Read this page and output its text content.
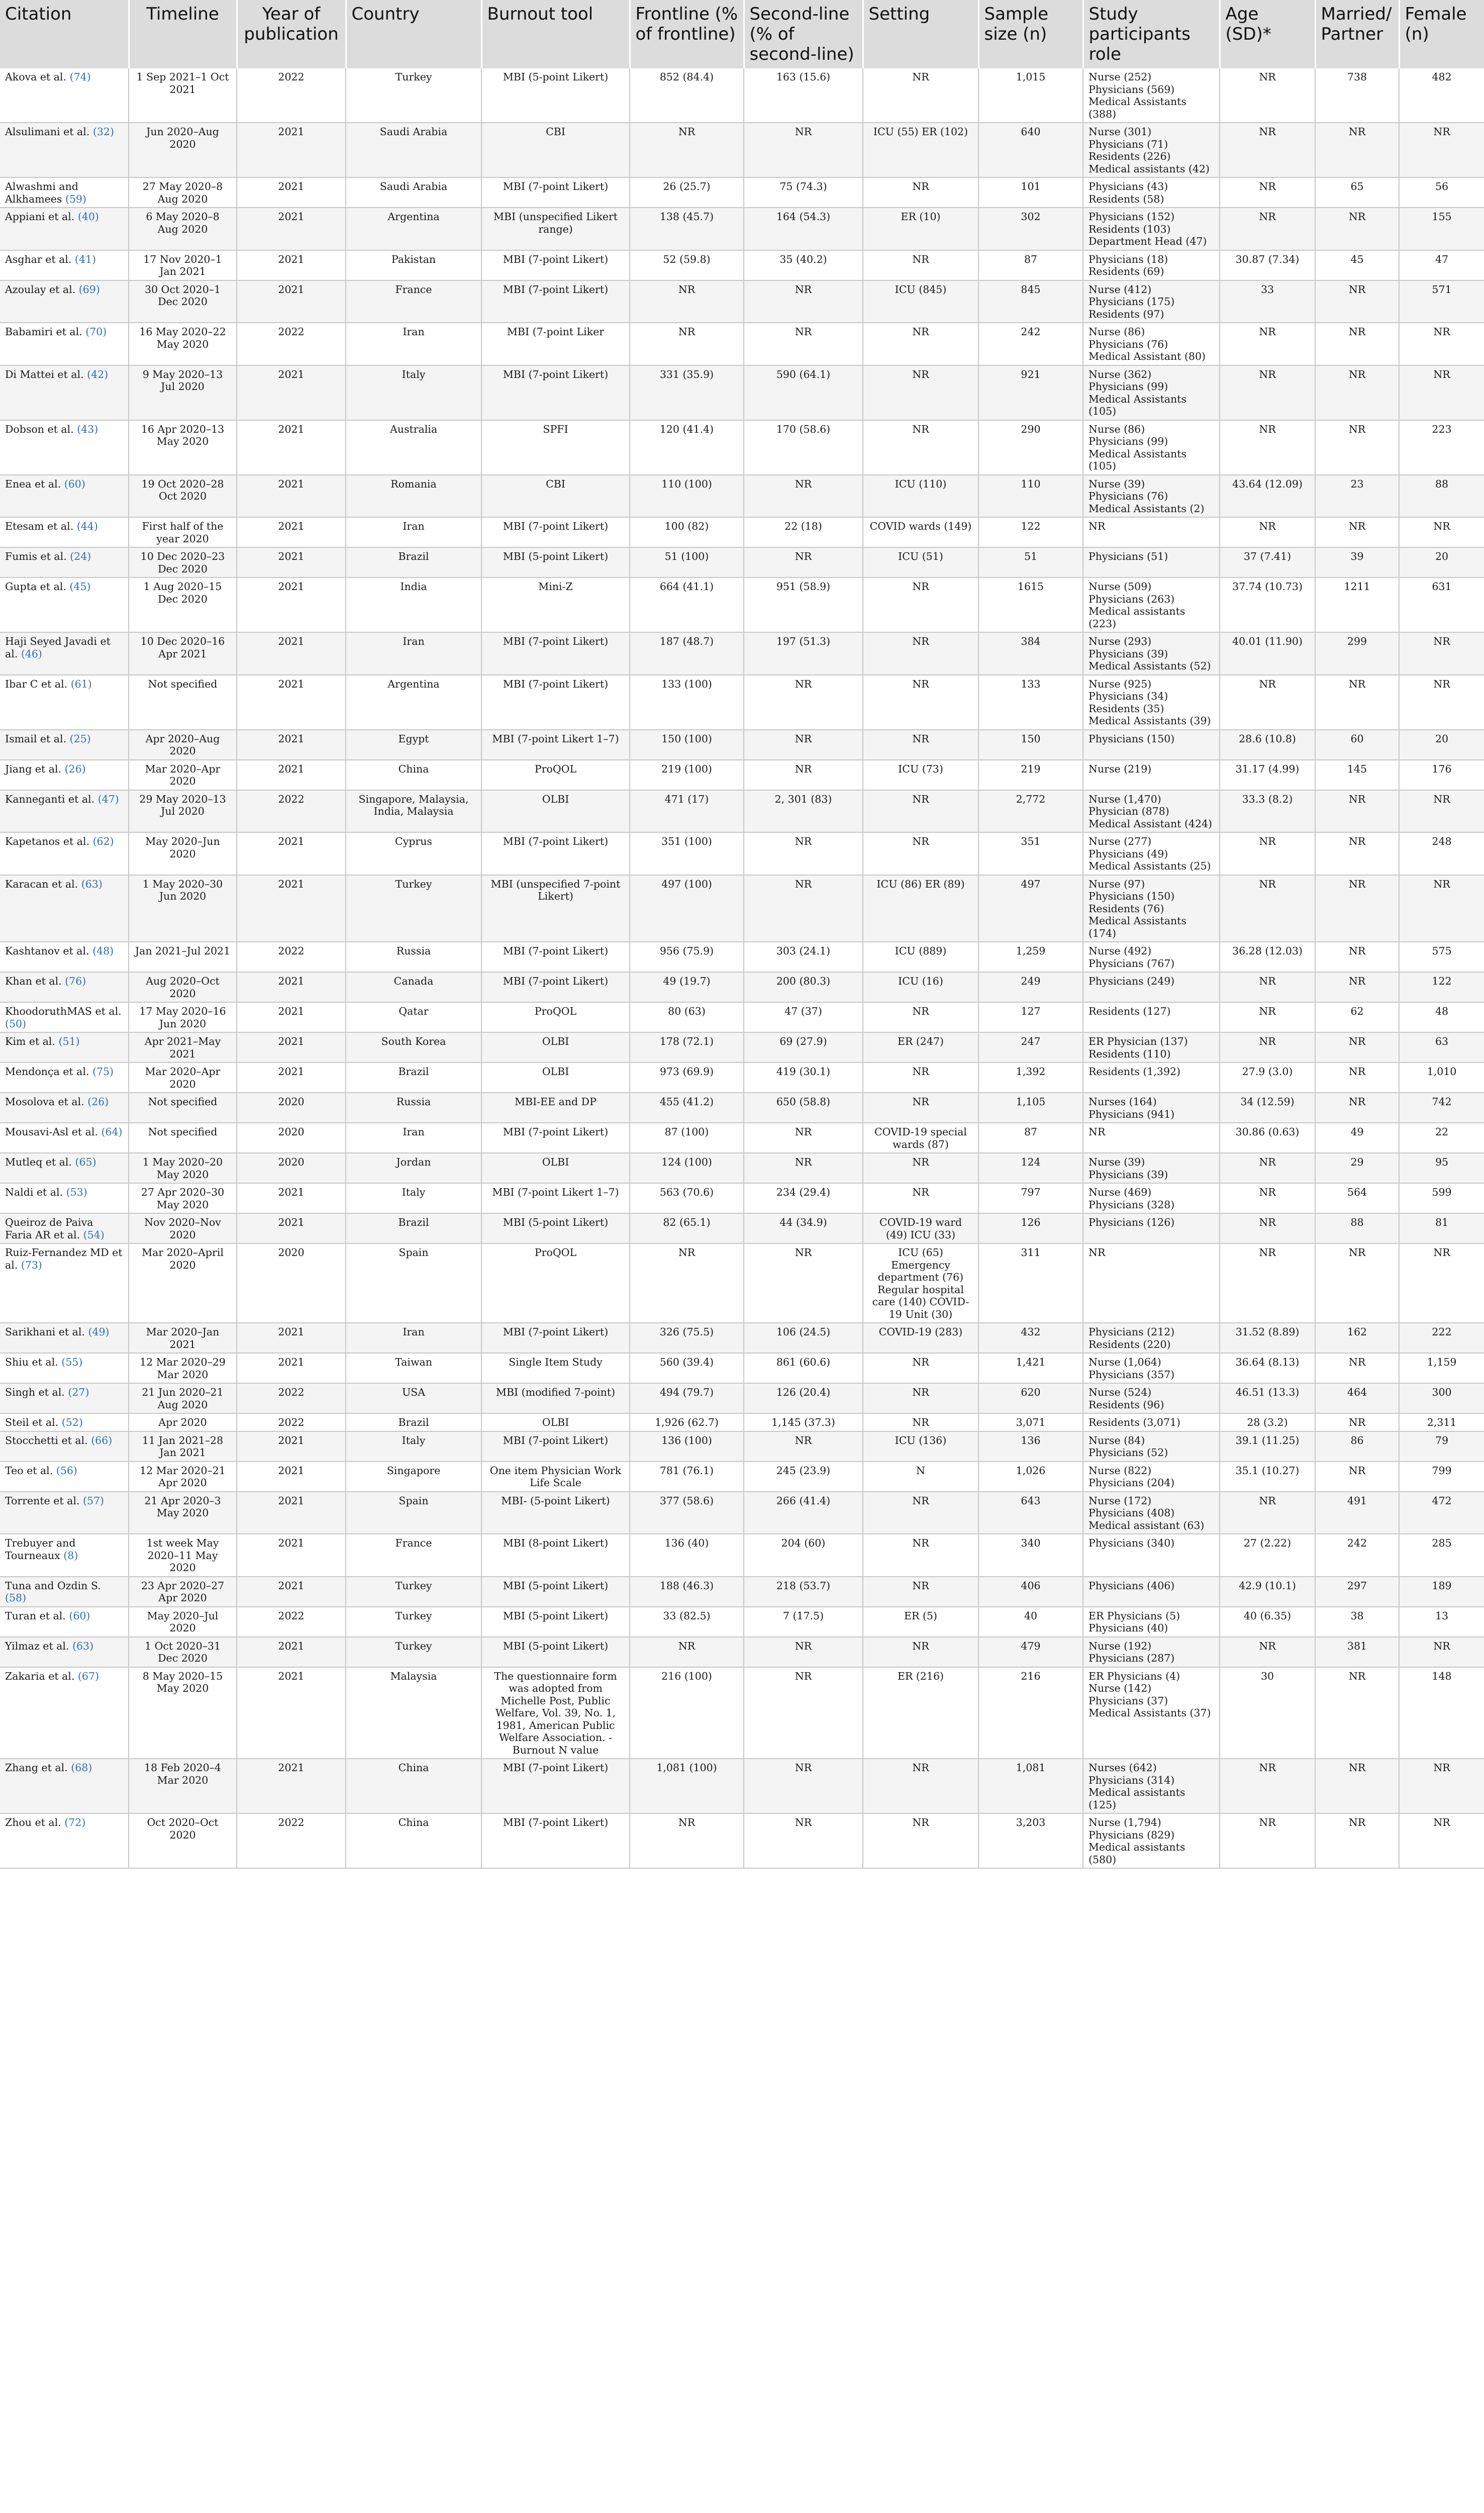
Citation	Timeline	Year of publication	Country	Burnout tool	Frontline (% of frontline)	Second-line (% of second-line)	Setting	Sample size (n)	Study participants role	Age (SD)*	Married/ Partner	Female (n)
Akova et al. (74)	1 Sep 2021–1 Oct 2021	2022	Turkey	MBI (5-point Likert)	852 (84.4)	163 (15.6)	NR	1,015	Nurse (252)
Physicians (569)
Medical Assistants (388)	NR	738	482
Alsulimani et al. (32)	Jun 2020–Aug 2020	2021	Saudi Arabia	CBI	NR	NR	ICU (55) ER (102)	640	Nurse (301)
Physicians (71)
Residents (226)
Medical assistants (42)	NR	NR	NR
Alwashmi and Alkhamees (59)	27 May 2020–8 Aug 2020	2021	Saudi Arabia	MBI (7-point Likert)	26 (25.7)	75 (74.3)	NR	101	Physicians (43)
Residents (58)	NR	65	56
Appiani et al. (40)	6 May 2020–8 Aug 2020	2021	Argentina	MBI (unspecified Likert range)	138 (45.7)	164 (54.3)	ER (10)	302	Physicians (152)
Residents (103)
Department Head (47)	NR	NR	155
Asghar et al. (41)	17 Nov 2020–1 Jan 2021	2021	Pakistan	MBI (7-point Likert)	52 (59.8)	35 (40.2)	NR	87	Physicians (18)
Residents (69)	30.87 (7.34)	45	47
Azoulay et al. (69)	30 Oct 2020–1 Dec 2020	2021	France	MBI (7-point Likert)	NR	NR	ICU (845)	845	Nurse (412)
Physicians (175)
Residents (97)	33	NR	571
Babamiri et al. (70)	16 May 2020–22 May 2020	2022	Iran	MBI (7-point Liker	NR	NR	NR	242	Nurse (86)
Physicians (76)
Medical Assistant (80)	NR	NR	NR
Di Mattei et al. (42)	9 May 2020–13 Jul 2020	2021	Italy	MBI (7-point Likert)	331 (35.9)	590 (64.1)	NR	921	Nurse (362)
Physicians (99)
Medical Assistants (105)	NR	NR	NR
Dobson et al. (43)	16 Apr 2020–13 May 2020	2021	Australia	SPFI	120 (41.4)	170 (58.6)	NR	290	Nurse (86)
Physicians (99)
Medical Assistants (105)	NR	NR	223
Enea et al. (60)	19 Oct 2020–28 Oct 2020	2021	Romania	CBI	110 (100)	NR	ICU (110)	110	Nurse (39)
Physicians (76)
Medical Assistants (2)	43.64 (12.09)	23	88
Etesam et al. (44)	First half of the year 2020	2021	Iran	MBI (7-point Likert)	100 (82)	22 (18)	COVID wards (149)	122	NR	NR	NR	NR
Fumis et al. (24)	10 Dec 2020–23 Dec 2020	2021	Brazil	MBI (5-point Likert)	51 (100)	NR	ICU (51)	51	Physicians (51)	37 (7.41)	39	20
Gupta et al. (45)	1 Aug 2020–15 Dec 2020	2021	India	Mini-Z	664 (41.1)	951 (58.9)	NR	1615	Nurse (509)
Physicians (263)
Medical assistants (223)	37.74 (10.73)	1211	631
Haji Seyed Javadi et al. (46)	10 Dec 2020–16 Apr 2021	2021	Iran	MBI (7-point Likert)	187 (48.7)	197 (51.3)	NR	384	Nurse (293)
Physicians (39)
Medical Assistants (52)	40.01 (11.90)	299	NR
Ibar C et al. (61)	Not specified	2021	Argentina	MBI (7-point Likert)	133 (100)	NR	NR	133	Nurse (925)
Physicians (34)
Residents (35)
Medical Assistants (39)	NR	NR	NR
Ismail et al. (25)	Apr 2020–Aug 2020	2021	Egypt	MBI (7-point Likert 1–7)	150 (100)	NR	NR	150	Physicians (150)	28.6 (10.8)	60	20
Jiang et al. (26)	Mar 2020–Apr 2020	2021	China	ProQOL	219 (100)	NR	ICU (73)	219	Nurse (219)	31.17 (4.99)	145	176
Kanneganti et al. (47)	29 May 2020–13 Jul 2020	2022	Singapore, Malaysia, India, Malaysia	OLBI	471 (17)	2, 301 (83)	NR	2,772	Nurse (1,470)
Physician (878)
Medical Assistant (424)	33.3 (8.2)	NR	NR
Kapetanos et al. (62)	May 2020–Jun 2020	2021	Cyprus	MBI (7-point Likert)	351 (100)	NR	NR	351	Nurse (277)
Physicians (49)
Medical Assistants (25)	NR	NR	248
Karacan et al. (63)	1 May 2020–30 Jun 2020	2021	Turkey	MBI (unspecified 7-point Likert)	497 (100)	NR	ICU (86) ER (89)	497	Nurse (97)
Physicians (150)
Residents (76)
Medical Assistants (174)	NR	NR	NR
Kashtanov et al. (48)	Jan 2021–Jul 2021	2022	Russia	MBI (7-point Likert)	956 (75.9)	303 (24.1)	ICU (889)	1,259	Nurse (492)
Physicians (767)	36.28 (12.03)	NR	575
Khan et al. (76)	Aug 2020–Oct 2020	2021	Canada	MBI (7-point Likert)	49 (19.7)	200 (80.3)	ICU (16)	249	Physicians (249)	NR	NR	122
KhoodoruthMAS et al. (50)	17 May 2020–16 Jun 2020	2021	Qatar	ProQOL	80 (63)	47 (37)	NR	127	Residents (127)	NR	62	48
Kim et al. (51)	Apr 2021–May 2021	2021	South Korea	OLBI	178 (72.1)	69 (27.9)	ER (247)	247	ER Physician (137)
Residents (110)	NR	NR	63
Mendonça et al. (75)	Mar 2020–Apr 2020	2021	Brazil	OLBI	973 (69.9)	419 (30.1)	NR	1,392	Residents (1,392)	27.9 (3.0)	NR	1,010
Mosolova et al. (26)	Not specified	2020	Russia	MBI-EE and DP	455 (41.2)	650 (58.8)	NR	1,105	Nurses (164)
Physicians (941)	34 (12.59)	NR	742
Mousavi-Asl et al. (64)	Not specified	2020	Iran	MBI (7-point Likert)	87 (100)	NR	COVID-19 special wards (87)	87	NR	30.86 (0.63)	49	22
Mutleq et al. (65)	1 May 2020–20 May 2020	2020	Jordan	OLBI	124 (100)	NR	NR	124	Nurse (39)
Physicians (39)	NR	29	95
Naldi et al. (53)	27 Apr 2020–30 May 2020	2021	Italy	MBI (7-point Likert 1–7)	563 (70.6)	234 (29.4)	NR	797	Nurse (469)
Physicians (328)	NR	564	599
Queiroz de Paiva Faria AR et al. (54)	Nov 2020–Nov 2020	2021	Brazil	MBI (5-point Likert)	82 (65.1)	44 (34.9)	COVID-19 ward (49) ICU (33)	126	Physicians (126)	NR	88	81
Ruiz-Fernandez MD et al. (73)	Mar 2020–April 2020	2020	Spain	ProQOL	NR	NR	ICU (65) Emergency department (76) Regular hospital care (140) COVID-19 Unit (30)	311	NR	NR	NR	NR
Sarikhani et al. (49)	Mar 2020–Jan 2021	2021	Iran	MBI (7-point Likert)	326 (75.5)	106 (24.5)	COVID-19 (283)	432	Physicians (212)
Residents (220)	31.52 (8.89)	162	222
Shiu et al. (55)	12 Mar 2020–29 Mar 2020	2021	Taiwan	Single Item Study	560 (39.4)	861 (60.6)	NR	1,421	Nurse (1,064)
Physicians (357)	36.64 (8.13)	NR	1,159
Singh et al. (27)	21 Jun 2020–21 Aug 2020	2022	USA	MBI (modified 7-point)	494 (79.7)	126 (20.4)	NR	620	Nurse (524)
Residents (96)	46.51 (13.3)	464	300
Steil et al. (52)	Apr 2020	2022	Brazil	OLBI	1,926 (62.7)	1,145 (37.3)	NR	3,071	Residents (3,071)	28 (3.2)	NR	2,311
Stocchetti et al. (66)	11 Jan 2021–28 Jan 2021	2021	Italy	MBI (7-point Likert)	136 (100)	NR	ICU (136)	136	Nurse (84)
Physicians (52)	39.1 (11.25)	86	79
Teo et al. (56)	12 Mar 2020–21 Apr 2020	2021	Singapore	One item Physician Work Life Scale	781 (76.1)	245 (23.9)	N	1,026	Nurse (822)
Physicians (204)	35.1 (10.27)	NR	799
Torrente et al. (57)	21 Apr 2020–3 May 2020	2021	Spain	MBI- (5-point Likert)	377 (58.6)	266 (41.4)	NR	643	Nurse (172)
Physicians (408)
Medical assistant (63)	NR	491	472
Trebuyer and Tourneaux (8)	1st week May 2020–11 May 2020	2021	France	MBI (8-point Likert)	136 (40)	204 (60)	NR	340	Physicians (340)	27 (2.22)	242	285
Tuna and Ozdin S. (58)	23 Apr 2020–27 Apr 2020	2021	Turkey	MBI (5-point Likert)	188 (46.3)	218 (53.7)	NR	406	Physicians (406)	42.9 (10.1)	297	189
Turan et al. (60)	May 2020–Jul 2020	2022	Turkey	MBI (5-point Likert)	33 (82.5)	7 (17.5)	ER (5)	40	ER Physicians (5)
Physicians (40)	40 (6.35)	38	13
Yilmaz et al. (63)	1 Oct 2020–31 Dec 2020	2021	Turkey	MBI (5-point Likert)	NR	NR	NR	479	Nurse (192)
Physicians (287)	NR	381	NR
Zakaria et al. (67)	8 May 2020–15 May 2020	2021	Malaysia	The questionnaire form was adopted from Michelle Post, Public Welfare, Vol. 39, No. 1, 1981, American Public Welfare Association. - Burnout N value	216 (100)	NR	ER (216)	216	ER Physicians (4)
Nurse (142)
Physicians (37)
Medical Assistants (37)	30	NR	148
Zhang et al. (68)	18 Feb 2020–4 Mar 2020	2021	China	MBI (7-point Likert)	1,081 (100)	NR	NR	1,081	Nurses (642)
Physicians (314)
Medical assistants (125)	NR	NR	NR
Zhou et al. (72)	Oct 2020–Oct 2020	2022	China	MBI (7-point Likert)	NR	NR	NR	3,203	Nurse (1,794)
Physicians (829)
Medical assistants (580)	NR	NR	NR
